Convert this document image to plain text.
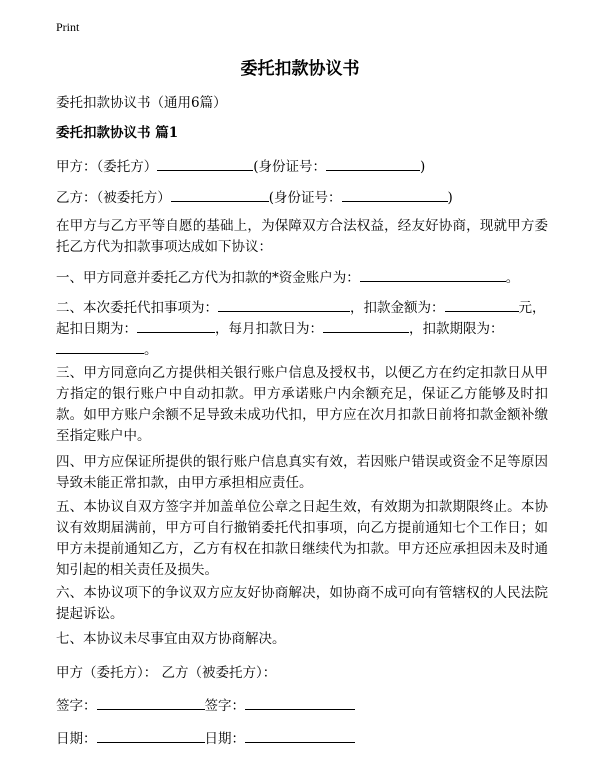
Print
委托扣款协议书
委托扣款协议书（通用6篇）
委托扣款协议书 篇1
甲方：（委托方）	(身份证号：	)
乙方：（被委托方）	(身份证号：	)
在甲方与乙方平等自愿的基础上，为保障双方合法权益，经友好协商，现就甲方委托乙方代为扣款事项达成如下协议：
一、甲方同意并委托乙方代为扣款的*资金账户为：	。
二、本次委托代扣事项为：	，扣款金额为：	元，
起扣日期为：	，每月扣款日为：	，扣款期限为：
。
三、甲方同意向乙方提供相关银行账户信息及授权书，以便乙方在约定扣款日从甲方指定的银行账户中自动扣款。甲方承诺账户内余额充足，保证乙方能够及时扣款。如甲方账户余额不足导致未成功代扣，甲方应在次月扣款日前将扣款金额补缴至指定账户中。
四、甲方应保证所提供的银行账户信息真实有效，若因账户错误或资金不足等原因导致未能正常扣款，由甲方承担相应责任。
五、本协议自双方签字并加盖单位公章之日起生效，有效期为扣款期限终止。本协议有效期届满前，甲方可自行撤销委托代扣事项，向乙方提前通知七个工作日；如甲方未提前通知乙方，乙方有权在扣款日继续代为扣款。甲方还应承担因未及时通知引起的相关责任及损失。
六、本协议项下的争议双方应友好协商解决，如协商不成可向有管辖权的人民法院提起诉讼。
七、本协议未尽事宜由双方协商解决。
甲方（委托方）： 乙方（被委托方）：
签字：	签字：
日期：	日期：
